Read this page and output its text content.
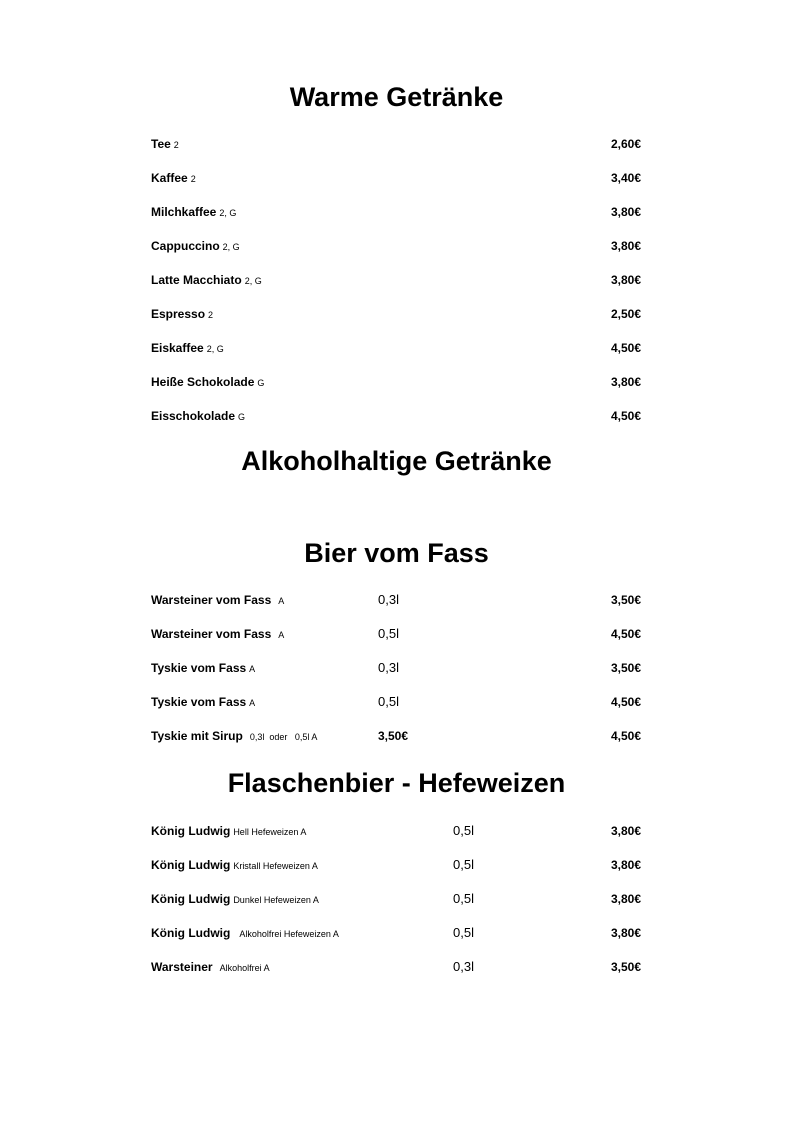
Warme Getränke
Tee 2	2,60€
Kaffee 2	3,40€
Milchkaffee 2, G	3,80€
Cappuccino 2, G	3,80€
Latte Macchiato 2, G	3,80€
Espresso 2	2,50€
Eiskaffee 2, G	4,50€
Heiße Schokolade G	3,80€
Eisschokolade G	4,50€
Alkoholhaltige Getränke
Bier vom Fass
Warsteiner vom Fass A	0,3l	3,50€
Warsteiner vom Fass A	0,5l	4,50€
Tyskie vom Fass A	0,3l	3,50€
Tyskie vom Fass A	0,5l	4,50€
Tyskie mit Sirup 0,3l  oder   0,5l A	3,50€	4,50€
Flaschenbier - Hefeweizen
König Ludwig Hell Hefeweizen A	0,5l	3,80€
König Ludwig Kristall Hefeweizen A	0,5l	3,80€
König Ludwig Dunkel Hefeweizen A	0,5l	3,80€
König Ludwig Alkoholfrei Hefeweizen A	0,5l	3,80€
Warsteiner Alkoholfrei A	0,3l	3,50€
